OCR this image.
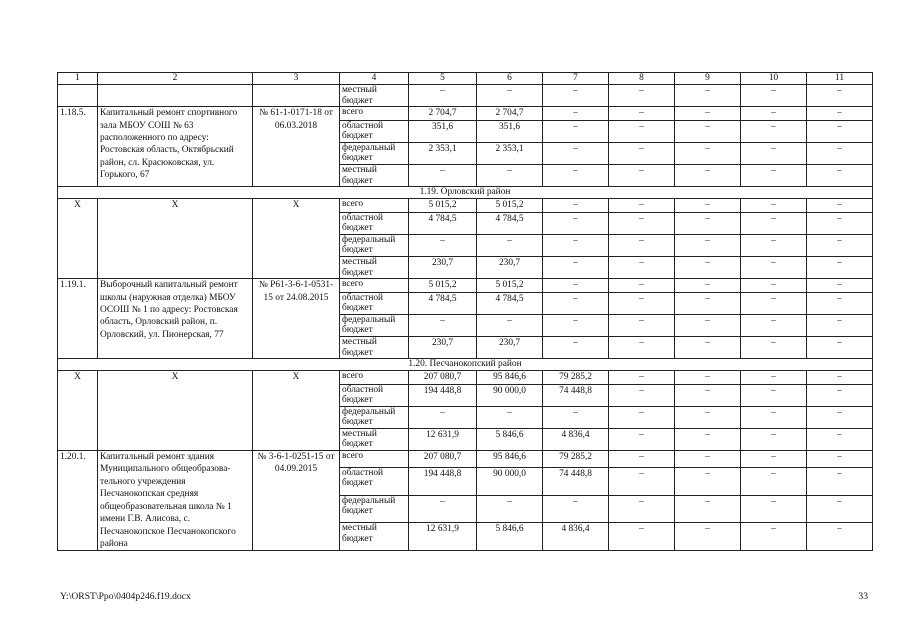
1	2	3	4	5	6	7	8	9	10	11
			местный бюджет	–	–	–	–	–	–	–
1.18.5.	Капитальный ремонт спортивного зала МБОУ СОШ № 63 расположенного по адресу: Ростовская область, Октябрьский район, сл. Красюковская, ул. Горького, 67	№ 61-1-0171-18 от 06.03.2018	всего	2 704,7	2 704,7	–	–	–	–	–
			областной бюджет	351,6	351,6	–	–	–	–	–
			федеральный бюджет	2 353,1	2 353,1	–	–	–	–	–
			местный бюджет	–	–	–	–	–	–	–
1.19. Орловский район										
Х	Х	Х	всего	5 015,2	5 015,2	–	–	–	–	–
			областной бюджет	4 784,5	4 784,5	–	–	–	–	–
			федеральный бюджет	–	–	–	–	–	–	–
			местный бюджет	230,7	230,7	–	–	–	–	–
1.19.1.	Выборочный капитальный ремонт школы (наружная отделка) МБОУ ОСОШ № 1 по адресу: Ростовская область, Орловский район, п. Орловский, ул. Пионерская, 77	№ Р61-3-6-1-0531-15 от 24.08.2015	всего	5 015,2	5 015,2	–	–	–	–	–
			областной бюджет	4 784,5	4 784,5	–	–	–	–	–
			федеральный бюджет	–	–	–	–	–	–	–
			местный бюджет	230,7	230,7	–	–	–	–	–
1.20. Песчанокопский район										
Х	Х	Х	всего	207 080,7	95 846,6	79 285,2	–	–	–	–
			областной бюджет	194 448,8	90 000,0	74 448,8	–	–	–	–
			федеральный бюджет	–	–	–	–	–	–	–
			местный бюджет	12 631,9	5 846,6	4 836,4	–	–	–	–
1.20.1.	Капитальный ремонт здания Муниципального общеобразова-тельного учреждения Песчанокопская средняя общеобразовательная школа № 1 имени Г.В. Алисова, с. Песчанокопское Песчанокопского района	№ 3-6-1-0251-15 от 04.09.2015	всего	207 080,7	95 846,6	79 285,2	–	–	–	–
			областной бюджет	194 448,8	90 000,0	74 448,8	–	–	–	–
			федеральный бюджет	–	–	–	–	–	–	–
			местный бюджет	12 631,9	5 846,6	4 836,4	–	–	–	–
Y:\ORST\Ppo\0404p246.f19.docx	33
